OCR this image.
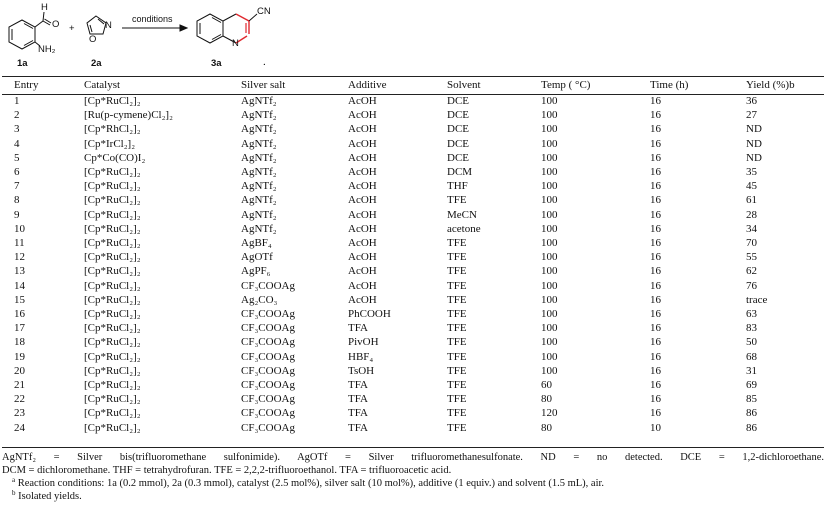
H
O
NH₂
1a
+
O
N
2a
conditions
CN
N
3a	.
Entry	Catalyst	Silver salt	Additive	Solvent	Temp ( °C)	Time (h)	Yield (%)b
1	[Cp*RuCl₂]₂	AgNTf₂	AcOH	DCE	100	16	36
2	[Ru(p-cymene)Cl₂]₂	AgNTf₂	AcOH	DCE	100	16	27
3	[Cp*RhCl₂]₂	AgNTf₂	AcOH	DCE	100	16	ND
4	[Cp*IrCl₂]₂	AgNTf₂	AcOH	DCE	100	16	ND
5	Cp*Co(CO)I₂	AgNTf₂	AcOH	DCE	100	16	ND
6	[Cp*RuCl₂]₂	AgNTf₂	AcOH	DCM	100	16	35
7	[Cp*RuCl₂]₂	AgNTf₂	AcOH	THF	100	16	45
8	[Cp*RuCl₂]₂	AgNTf₂	AcOH	TFE	100	16	61
9	[Cp*RuCl₂]₂	AgNTf₂	AcOH	MeCN	100	16	28
10	[Cp*RuCl₂]₂	AgNTf₂	AcOH	acetone	100	16	34
11	[Cp*RuCl₂]₂	AgBF₄	AcOH	TFE	100	16	70
12	[Cp*RuCl₂]₂	AgOTf	AcOH	TFE	100	16	55
13	[Cp*RuCl₂]₂	AgPF₆	AcOH	TFE	100	16	62
14	[Cp*RuCl₂]₂	CF₃COOAg	AcOH	TFE	100	16	76
15	[Cp*RuCl₂]₂	Ag₂CO₃	AcOH	TFE	100	16	trace
16	[Cp*RuCl₂]₂	CF₃COOAg	PhCOOH	TFE	100	16	63
17	[Cp*RuCl₂]₂	CF₃COOAg	TFA	TFE	100	16	83
18	[Cp*RuCl₂]₂	CF₃COOAg	PivOH	TFE	100	16	50
19	[Cp*RuCl₂]₂	CF₃COOAg	HBF₄	TFE	100	16	68
20	[Cp*RuCl₂]₂	CF₃COOAg	TsOH	TFE	100	16	31
21	[Cp*RuCl₂]₂	CF₃COOAg	TFA	TFE	60	16	69
22	[Cp*RuCl₂]₂	CF₃COOAg	TFA	TFE	80	16	85
23	[Cp*RuCl₂]₂	CF₃COOAg	TFA	TFE	120	16	86
24	[Cp*RuCl₂]₂	CF₃COOAg	TFA	TFE	80	10	86
AgNTf₂ = Silver bis(trifluoromethane sulfonimide). AgOTf = Silver trifluoromethanesulfonate. ND = no detected. DCE = 1,2-dichloroethane.
DCM = dichloromethane. THF = tetrahydrofuran. TFE = 2,2,2-trifluoroethanol. TFA = trifluoroacetic acid.
$^a$ Reaction conditions: 1a (0.2 mmol), 2a (0.3 mmol), catalyst (2.5 mol%), silver salt (10 mol%), additive (1 equiv.) and solvent (1.5 mL), air.
$^b$ Isolated yields.
